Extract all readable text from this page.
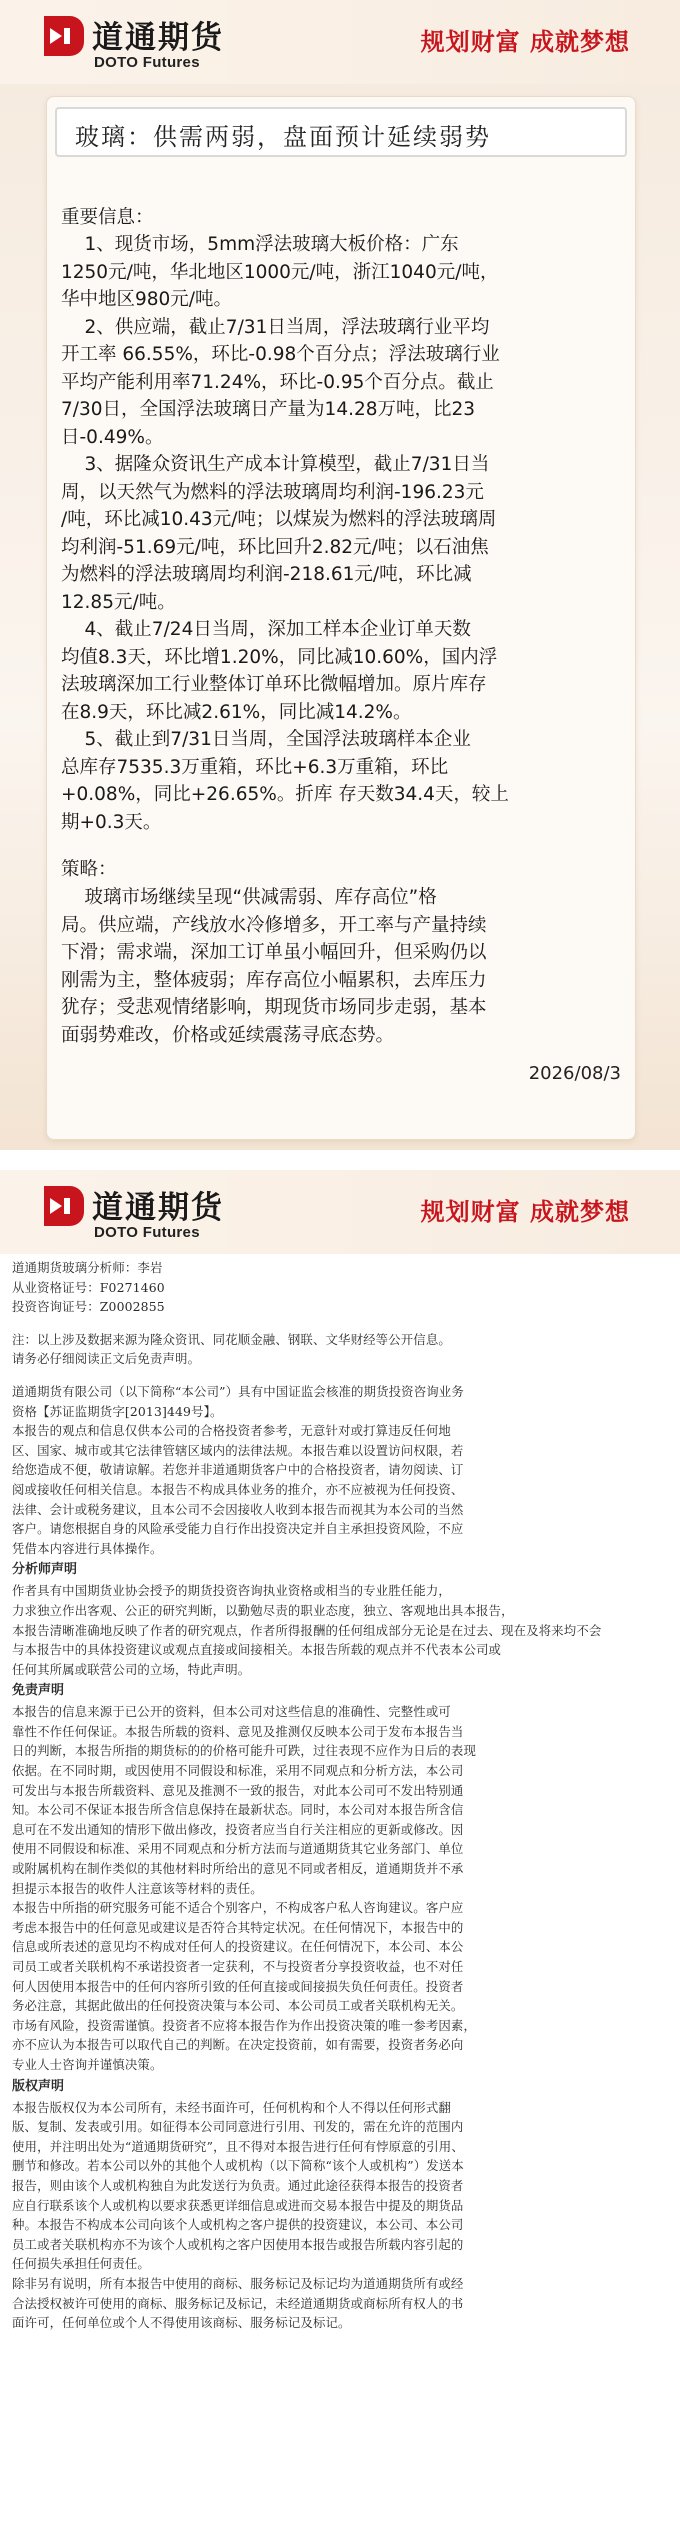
道通期货
DOTO Futures
规划财富 成就梦想
玻璃：供需两弱，盘面预计延续弱势
重要信息：
1、现货市场，5mm浮法玻璃大板价格：广东
1250元/吨，华北地区1000元/吨，浙江1040元/吨，
华中地区980元/吨。
2、供应端，截止7/31日当周，浮法玻璃行业平均
开工率 66.55%，环比-0.98个百分点；浮法玻璃行业
平均产能利用率71.24%，环比-0.95个百分点。截止
7/30日，全国浮法玻璃日产量为14.28万吨，比23
日-0.49%。
3、据隆众资讯生产成本计算模型，截止7/31日当
周，以天然气为燃料的浮法玻璃周均利润-196.23元
/吨，环比减10.43元/吨；以煤炭为燃料的浮法玻璃周
均利润-51.69元/吨，环比回升2.82元/吨；以石油焦
为燃料的浮法玻璃周均利润-218.61元/吨，环比减
12.85元/吨。
4、截止7/24日当周，深加工样本企业订单天数
均值8.3天，环比增1.20%，同比减10.60%，国内浮
法玻璃深加工行业整体订单环比微幅增加。原片库存
在8.9天，环比减2.61%，同比减14.2%。
5、截止到7/31日当周，全国浮法玻璃样本企业
总库存7535.3万重箱，环比+6.3万重箱，环比
+0.08%，同比+26.65%。折库 存天数34.4天，较上
期+0.3天。
策略：
玻璃市场继续呈现“供减需弱、库存高位”格
局。供应端，产线放水冷修增多，开工率与产量持续
下滑；需求端，深加工订单虽小幅回升，但采购仍以
刚需为主，整体疲弱；库存高位小幅累积，去库压力
犹存；受悲观情绪影响，期现货市场同步走弱，基本
面弱势难改，价格或延续震荡寻底态势。
2026/08/3
道通期货
DOTO Futures
规划财富 成就梦想
道通期货玻璃分析师：李岩
从业资格证号：F0271460
投资咨询证号：Z0002855
注：以上涉及数据来源为隆众资讯、同花顺金融、钢联、文华财经等公开信息。
请务必仔细阅读正文后免责声明。
道通期货有限公司（以下简称“本公司”）具有中国证监会核准的期货投资咨询业务
资格【苏证监期货字[2013]449号】。
本报告的观点和信息仅供本公司的合格投资者参考，无意针对或打算违反任何地
区、国家、城市或其它法律管辖区域内的法律法规。本报告难以设置访问权限，若
给您造成不便，敬请谅解。若您并非道通期货客户中的合格投资者，请勿阅读、订
阅或接收任何相关信息。本报告不构成具体业务的推介，亦不应被视为任何投资、
法律、会计或税务建议，且本公司不会因接收人收到本报告而视其为本公司的当然
客户。请您根据自身的风险承受能力自行作出投资决定并自主承担投资风险，不应
凭借本内容进行具体操作。
分析师声明
作者具有中国期货业协会授予的期货投资咨询执业资格或相当的专业胜任能力，
力求独立作出客观、公正的研究判断，以勤勉尽责的职业态度，独立、客观地出具本报告，
本报告清晰准确地反映了作者的研究观点，作者所得报酬的任何组成部分无论是在过去、现在及将来均不会
与本报告中的具体投资建议或观点直接或间接相关。本报告所载的观点并不代表本公司或
任何其所属或联营公司的立场，特此声明。
免责声明
本报告的信息来源于已公开的资料，但本公司对这些信息的准确性、完整性或可
靠性不作任何保证。本报告所载的资料、意见及推测仅反映本公司于发布本报告当
日的判断，本报告所指的期货标的的价格可能升可跌，过往表现不应作为日后的表现
依据。在不同时期，或因使用不同假设和标准，采用不同观点和分析方法，本公司
可发出与本报告所载资料、意见及推测不一致的报告，对此本公司可不发出特别通
知。本公司不保证本报告所含信息保持在最新状态。同时，本公司对本报告所含信
息可在不发出通知的情形下做出修改，投资者应当自行关注相应的更新或修改。因
使用不同假设和标准、采用不同观点和分析方法而与道通期货其它业务部门、单位
或附属机构在制作类似的其他材料时所给出的意见不同或者相反，道通期货并不承
担提示本报告的收件人注意该等材料的责任。
本报告中所指的研究服务可能不适合个别客户，不构成客户私人咨询建议。客户应
考虑本报告中的任何意见或建议是否符合其特定状况。在任何情况下，本报告中的
信息或所表述的意见均不构成对任何人的投资建议。在任何情况下，本公司、本公
司员工或者关联机构不承诺投资者一定获利，不与投资者分享投资收益，也不对任
何人因使用本报告中的任何内容所引致的任何直接或间接损失负任何责任。投资者
务必注意，其据此做出的任何投资决策与本公司、本公司员工或者关联机构无关。
市场有风险，投资需谨慎。投资者不应将本报告作为作出投资决策的唯一参考因素，
亦不应认为本报告可以取代自己的判断。在决定投资前，如有需要，投资者务必向
专业人士咨询并谨慎决策。
版权声明
本报告版权仅为本公司所有，未经书面许可，任何机构和个人不得以任何形式翻
版、复制、发表或引用。如征得本公司同意进行引用、刊发的，需在允许的范围内
使用，并注明出处为“道通期货研究”，且不得对本报告进行任何有悖原意的引用、
删节和修改。若本公司以外的其他个人或机构（以下简称“该个人或机构”）发送本
报告，则由该个人或机构独自为此发送行为负责。通过此途径获得本报告的投资者
应自行联系该个人或机构以要求获悉更详细信息或进而交易本报告中提及的期货品
种。本报告不构成本公司向该个人或机构之客户提供的投资建议，本公司、本公司
员工或者关联机构亦不为该个人或机构之客户因使用本报告或报告所载内容引起的
任何损失承担任何责任。
除非另有说明，所有本报告中使用的商标、服务标记及标记均为道通期货所有或经
合法授权被许可使用的商标、服务标记及标记，未经道通期货或商标所有权人的书
面许可，任何单位或个人不得使用该商标、服务标记及标记。
